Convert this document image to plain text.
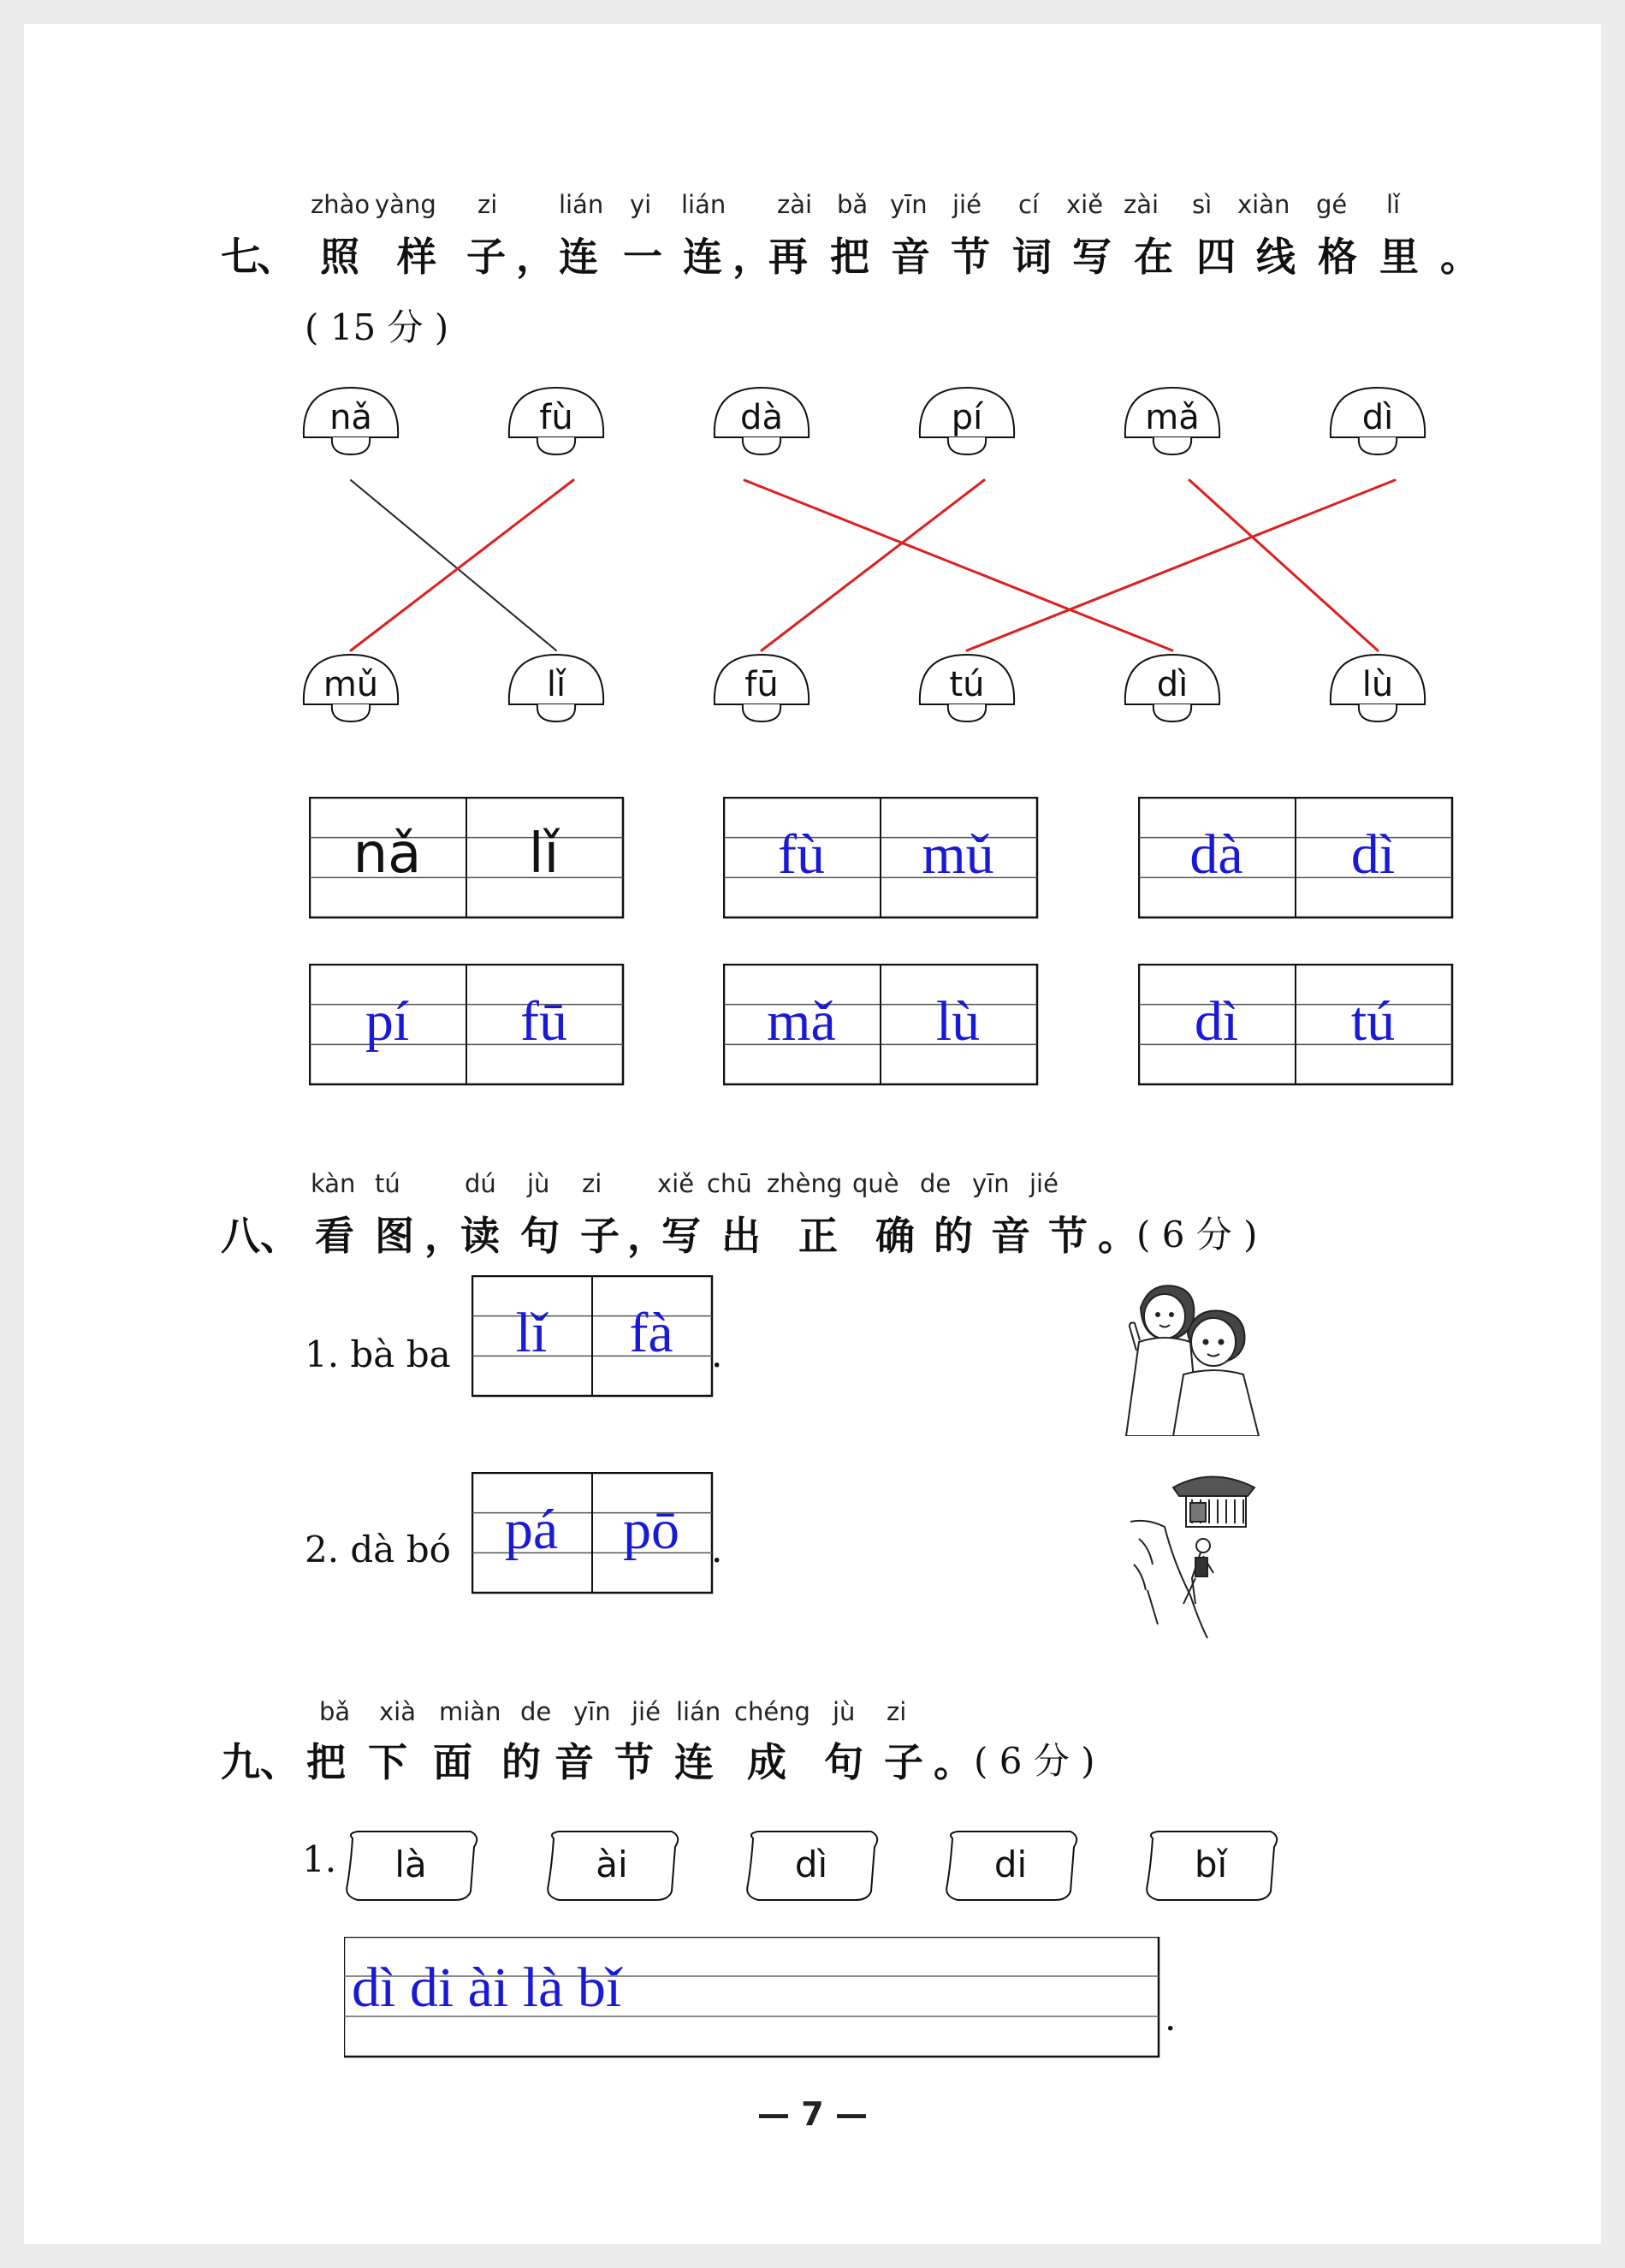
zhào yàng zi lián yi lián zài bǎ yīn jié cí xiě zài sì xiàn gé lǐ
七
、 照 样 子 ， 连 一 连 ，
再 把 音 节 词 写 在 四 线 格 里 。
( 15 分 )
nǎ	fù	dà	pí	mǎ	dì
mǔ	lǐ	fū	tú	dì	lù
nǎ	lǐ	fù	mǔ	dà	dì
pí	fū	mǎ	lù	dì	tú
kàn tú	dú jù zi xiě chū zhèng què de yīn jié
八 、 看 图 ，
读 句 子 ，
写 出 正 确 的 音 节 。 ( 6 分 )
1. bà ba
2. dà bó
.
.
lǐ	fà
pá	pō
bǎ xià miàn de yīn jié lián chéng jù zi
九 、 把 下 面 的 音 节 连 成 句 子 。 ( 6 分 )
1.	là	ài	dì	di	bǐ
dì di ài là bǐ	.
— 7 —
